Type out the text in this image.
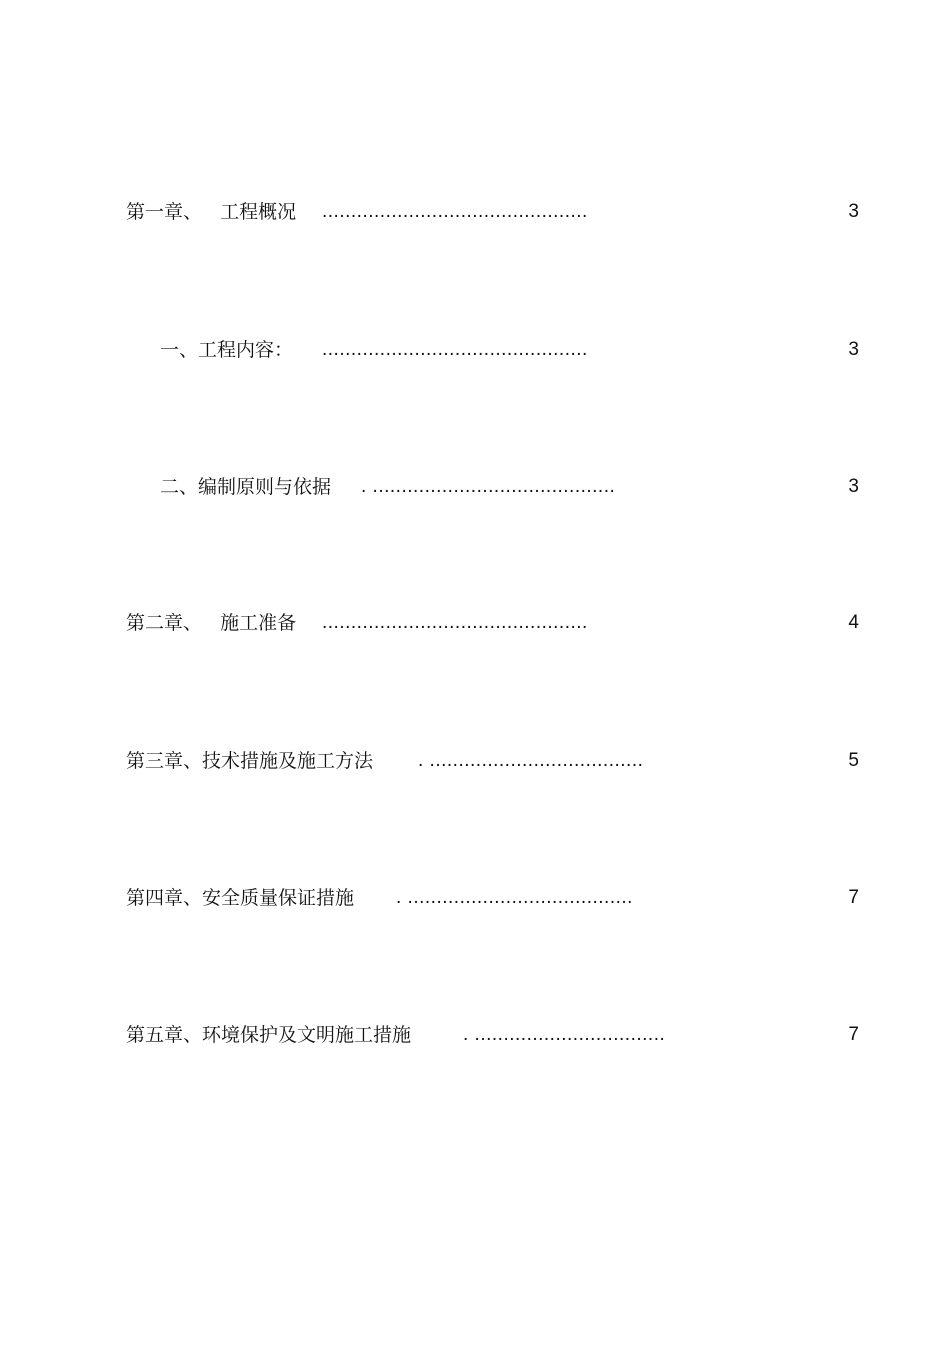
第一章、   工程概况 ..............................................	3
一、工程内容： ..............................................	3
二、编制原则与依据 . ..........................................	3
第二章、   施工准备 ..............................................	4
第三章、技术措施及施工方法 . .....................................	5
第四章、安全质量保证措施 . .......................................	7
第五章、环境保护及文明施工措施	. .................................	7
